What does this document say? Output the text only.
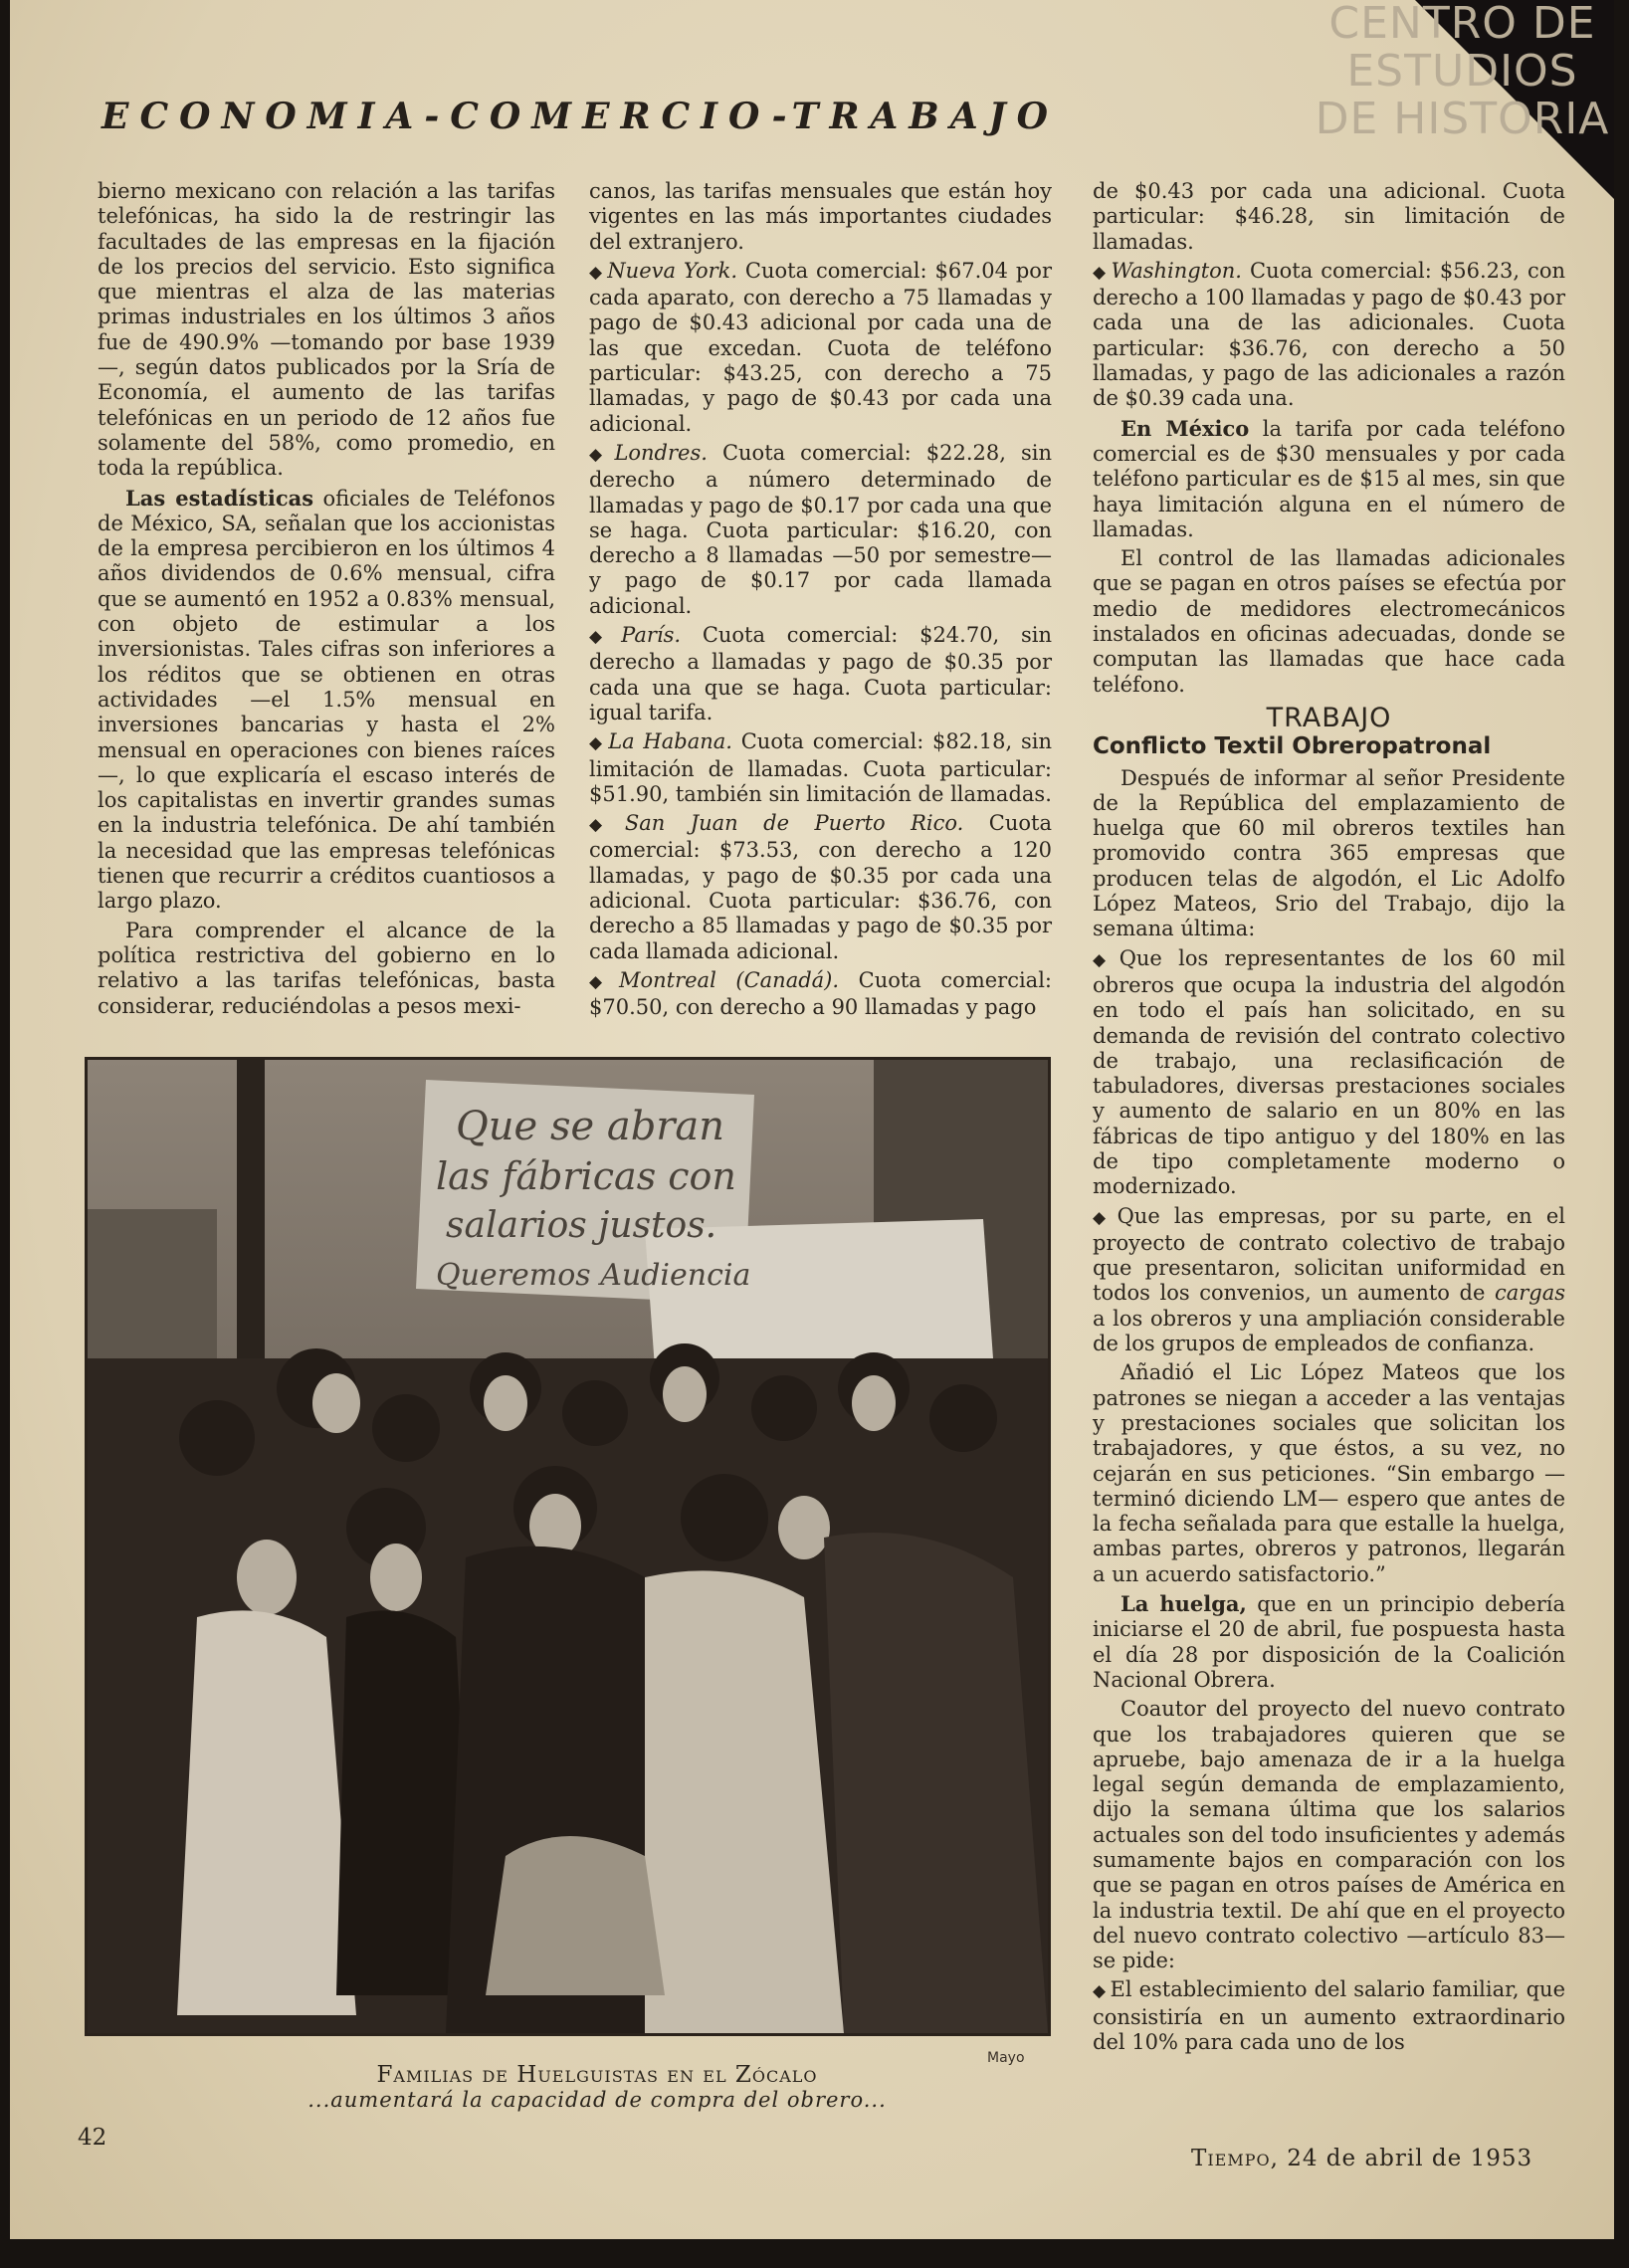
CENTRO DE
ESTUDIOS
DE HISTORIA
ECONOMIA-COMERCIO-TRABAJO

bierno mexicano con relación a las tarifas telefónicas, ha sido la de restringir las facultades de las empresas en la fijación de los precios del servicio. Esto significa que mientras el alza de las materias primas industriales en los últimos 3 años fue de 490.9% —tomando por base 1939—, según datos publicados por la Sría de Economía, el aumento de las tarifas telefónicas en un periodo de 12 años fue solamente del 58%, como promedio, en toda la república.

Las estadísticas oficiales de Teléfonos de México, SA, señalan que los accionistas de la empresa percibieron en los últimos 4 años dividendos de 0.6% mensual, cifra que se aumentó en 1952 a 0.83% mensual, con objeto de estimular a los inversionistas. Tales cifras son inferiores a los réditos que se obtienen en otras actividades —el 1.5% mensual en inversiones bancarias y hasta el 2% mensual en operaciones con bienes raíces—, lo que explicaría el escaso interés de los capitalistas en invertir grandes sumas en la industria telefónica. De ahí también la necesidad que las empresas telefónicas tienen que recurrir a créditos cuantiosos a largo plazo.

Para comprender el alcance de la política restrictiva del gobierno en lo relativo a las tarifas telefónicas, basta considerar, reduciéndolas a pesos mexi-

canos, las tarifas mensuales que están hoy vigentes en las más importantes ciudades del extranjero.

◆ Nueva York. Cuota comercial: $67.04 por cada aparato, con derecho a 75 llamadas y pago de $0.43 adicional por cada una de las que excedan. Cuota de teléfono particular: $43.25, con derecho a 75 llamadas, y pago de $0.43 por cada una adicional.

◆ Londres. Cuota comercial: $22.28, sin derecho a número determinado de llamadas y pago de $0.17 por cada una que se haga. Cuota particular: $16.20, con derecho a 8 llamadas —50 por semestre— y pago de $0.17 por cada llamada adicional.

◆ París. Cuota comercial: $24.70, sin derecho a llamadas y pago de $0.35 por cada una que se haga. Cuota particular: igual tarifa.

◆ La Habana. Cuota comercial: $82.18, sin limitación de llamadas. Cuota particular: $51.90, también sin limitación de llamadas.

◆ San Juan de Puerto Rico. Cuota comercial: $73.53, con derecho a 120 llamadas, y pago de $0.35 por cada una adicional. Cuota particular: $36.76, con derecho a 85 llamadas y pago de $0.35 por cada llamada adicional.

◆ Montreal (Canadá). Cuota comercial: $70.50, con derecho a 90 llamadas y pago

de $0.43 por cada una adicional. Cuota particular: $46.28, sin limitación de llamadas.

◆ Washington. Cuota comercial: $56.23, con derecho a 100 llamadas y pago de $0.43 por cada una de las adicionales. Cuota particular: $36.76, con derecho a 50 llamadas, y pago de las adicionales a razón de $0.39 cada una.

En México la tarifa por cada teléfono comercial es de $30 mensuales y por cada teléfono particular es de $15 al mes, sin que haya limitación alguna en el número de llamadas.

El control de las llamadas adicionales que se pagan en otros países se efectúa por medio de medidores electromecánicos instalados en oficinas adecuadas, donde se computan las llamadas que hace cada teléfono.

TRABAJO
Conflicto Textil Obreropatronal

Después de informar al señor Presidente de la República del emplazamiento de huelga que 60 mil obreros textiles han promovido contra 365 empresas que producen telas de algodón, el Lic Adolfo López Mateos, Srio del Trabajo, dijo la semana última:

◆ Que los representantes de los 60 mil obreros que ocupa la industria del algodón en todo el país han solicitado, en su demanda de revisión del contrato colectivo de trabajo, una reclasificación de tabuladores, diversas prestaciones sociales y aumento de salario en un 80% en las fábricas de tipo antiguo y del 180% en las de tipo completamente moderno o modernizado.

◆ Que las empresas, por su parte, en el proyecto de contrato colectivo de trabajo que presentaron, solicitan uniformidad en todos los convenios, un aumento de cargas a los obreros y una ampliación considerable de los grupos de empleados de confianza.

Añadió el Lic López Mateos que los patrones se niegan a acceder a las ventajas y prestaciones sociales que solicitan los trabajadores, y que éstos, a su vez, no cejarán en sus peticiones. “Sin embargo —terminó diciendo LM— espero que antes de la fecha señalada para que estalle la huelga, ambas partes, obreros y patronos, llegarán a un acuerdo satisfactorio.”

La huelga, que en un principio debería iniciarse el 20 de abril, fue pospuesta hasta el día 28 por disposición de la Coalición Nacional Obrera.

Coautor del proyecto del nuevo contrato que los trabajadores quieren que se apruebe, bajo amenaza de ir a la huelga legal según demanda de emplazamiento, dijo la semana última que los salarios actuales son del todo insuficientes y además sumamente bajos en comparación con los que se pagan en otros países de América en la industria textil. De ahí que en el proyecto del nuevo contrato colectivo —artículo 83— se pide:

◆ El establecimiento del salario familiar, que consistiría en un aumento extraordinario del 10% para cada uno de los

Que se abran
las fábricas con
salarios justos.
Queremos Audiencia
Mayo
Familias de Huelguistas en el Zócalo
...aumentará la capacidad de compra del obrero...
42
Tiempo, 24 de abril de 1953
